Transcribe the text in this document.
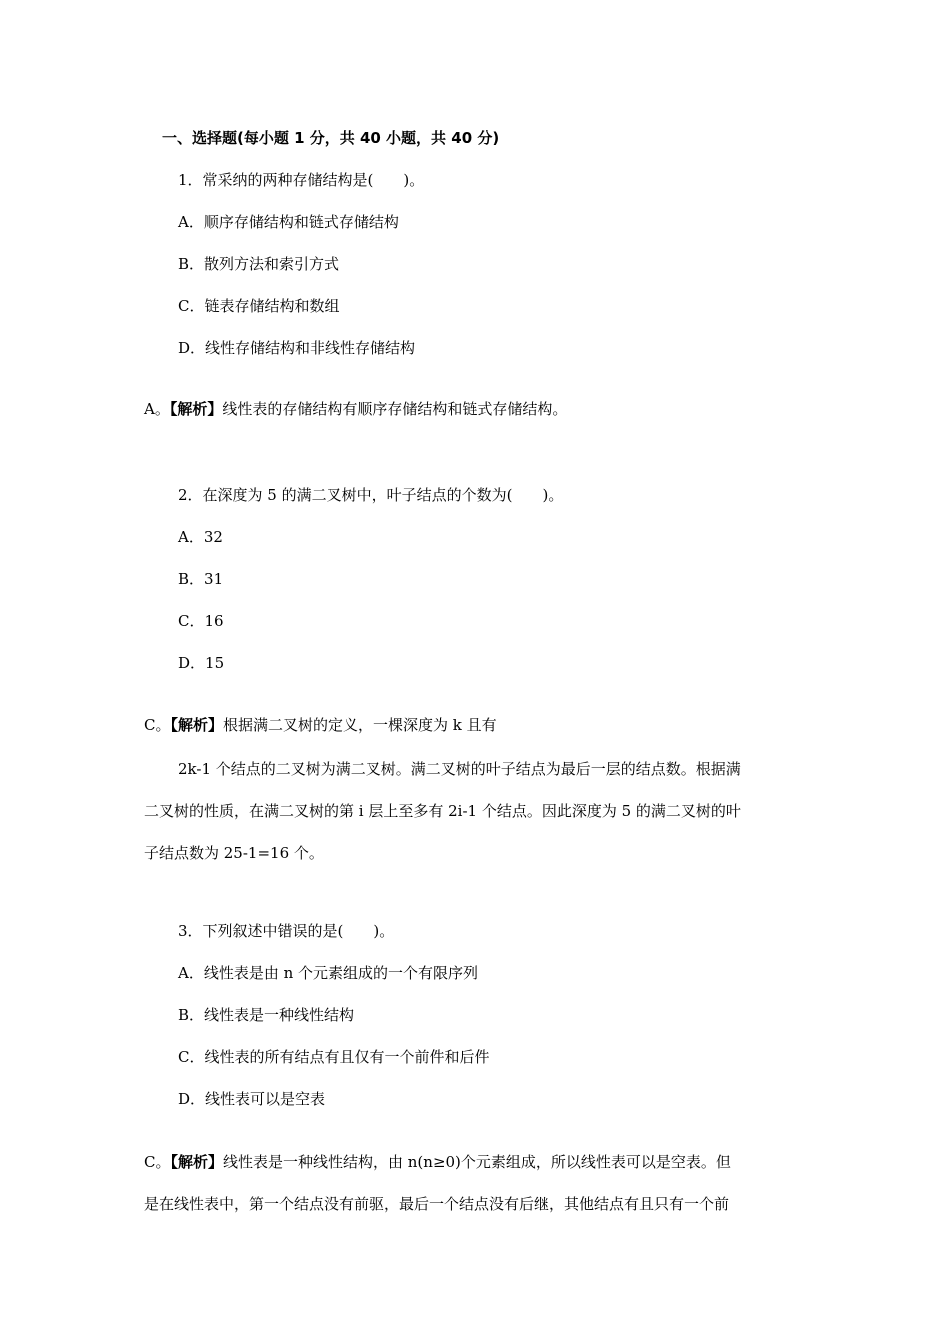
一、选择题(每小题 1 分，共 40 小题，共 40 分)
1．常采纳的两种存储结构是(　　)。
A．顺序存储结构和链式存储结构
B．散列方法和索引方式
C．链表存储结构和数组
D．线性存储结构和非线性存储结构
A。【解析】线性表的存储结构有顺序存储结构和链式存储结构。
2．在深度为 5 的满二叉树中，叶子结点的个数为(　　)。
A．32
B．31
C．16
D．15
C。【解析】根据满二叉树的定义，一棵深度为 k 且有
2k-1 个结点的二叉树为满二叉树。满二叉树的叶子结点为最后一层的结点数。根据满
二叉树的性质，在满二叉树的第 i 层上至多有 2i-1 个结点。因此深度为 5 的满二叉树的叶
子结点数为 25-1=16 个。
3．下列叙述中错误的是(　　)。
A．线性表是由 n 个元素组成的一个有限序列
B．线性表是一种线性结构
C．线性表的所有结点有且仅有一个前件和后件
D．线性表可以是空表
C。【解析】线性表是一种线性结构，由 n(n≥0)个元素组成，所以线性表可以是空表。但
是在线性表中，第一个结点没有前驱，最后一个结点没有后继，其他结点有且只有一个前
